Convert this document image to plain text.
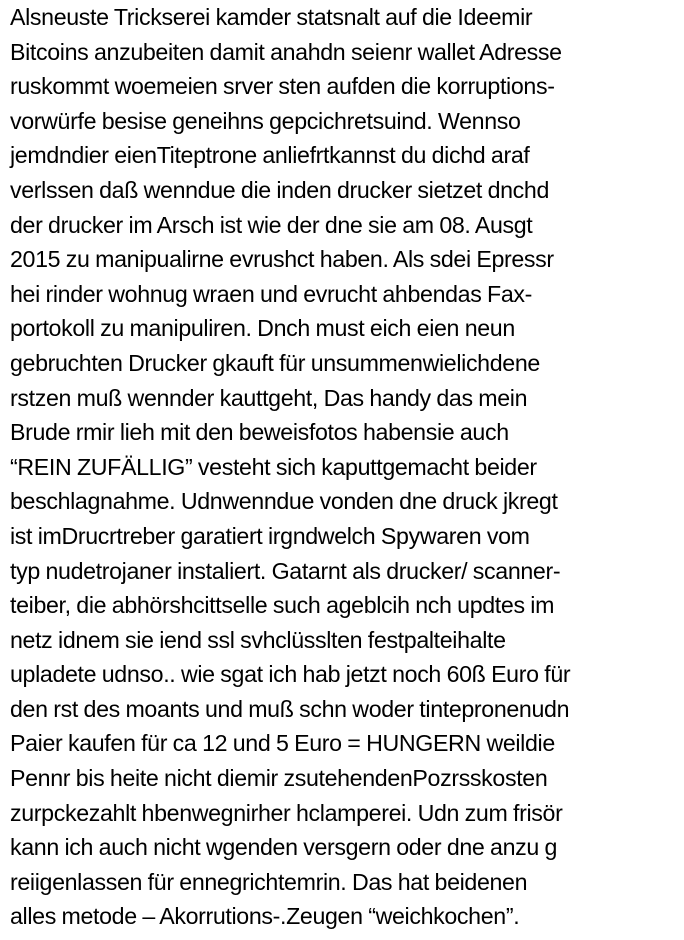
Alsneuste Trickserei kamder statsnalt auf die Ideemir
Bitcoins anzubeiten damit anahdn seienr wallet Adresse
ruskommt woemeien srver sten aufden die korruptions-
vorwürfe besise geneihns gepcichretsuind. Wennso
jemdndier eienTiteptrone anliefrtkannst du dichd araf
verlssen daß wenndue die inden drucker sietzet dnchd
der drucker im Arsch ist wie der dne sie am 08. Ausgt
2015 zu manipualirne evrushct haben. Als sdei Epressr
hei rinder wohnug wraen und evrucht ahbendas Fax-
portokoll zu manipuliren. Dnch must eich eien neun
gebruchten Drucker gkauft für unsummenwielichdene
rstzen muß wennder kauttgeht, Das handy das mein
Brude rmir lieh mit den beweisfotos habensie auch
“REIN ZUFÄLLIG” vesteht sich kaputtgemacht beider
beschlagnahme. Udnwenndue vonden dne druck jkregt
ist imDrucrtreber garatiert irgndwelch Spywaren vom
typ nudetrojaner instaliert. Gatarnt als drucker/ scanner-
teiber, die abhörshcittselle such ageblcih nch updtes im
netz idnem sie iend ssl svhclüsslten festpalteihalte
upladete udnso.. wie sgat ich hab jetzt noch 60ß Euro für
den rst des moants und muß schn woder tintepronenudn
Paier kaufen für ca 12 und 5 Euro = HUNGERN weildie
Pennr bis heite nicht diemir zsutehendenPozrsskosten
zurpckezahlt hbenwegnirher hclamperei. Udn zum frisör
kann ich auch nicht wgenden versgern oder dne anzu g
reiigenlassen für ennegrichtemrin. Das hat beidenen
alles metode – Akorrutions-.Zeugen “weichkochen”.
